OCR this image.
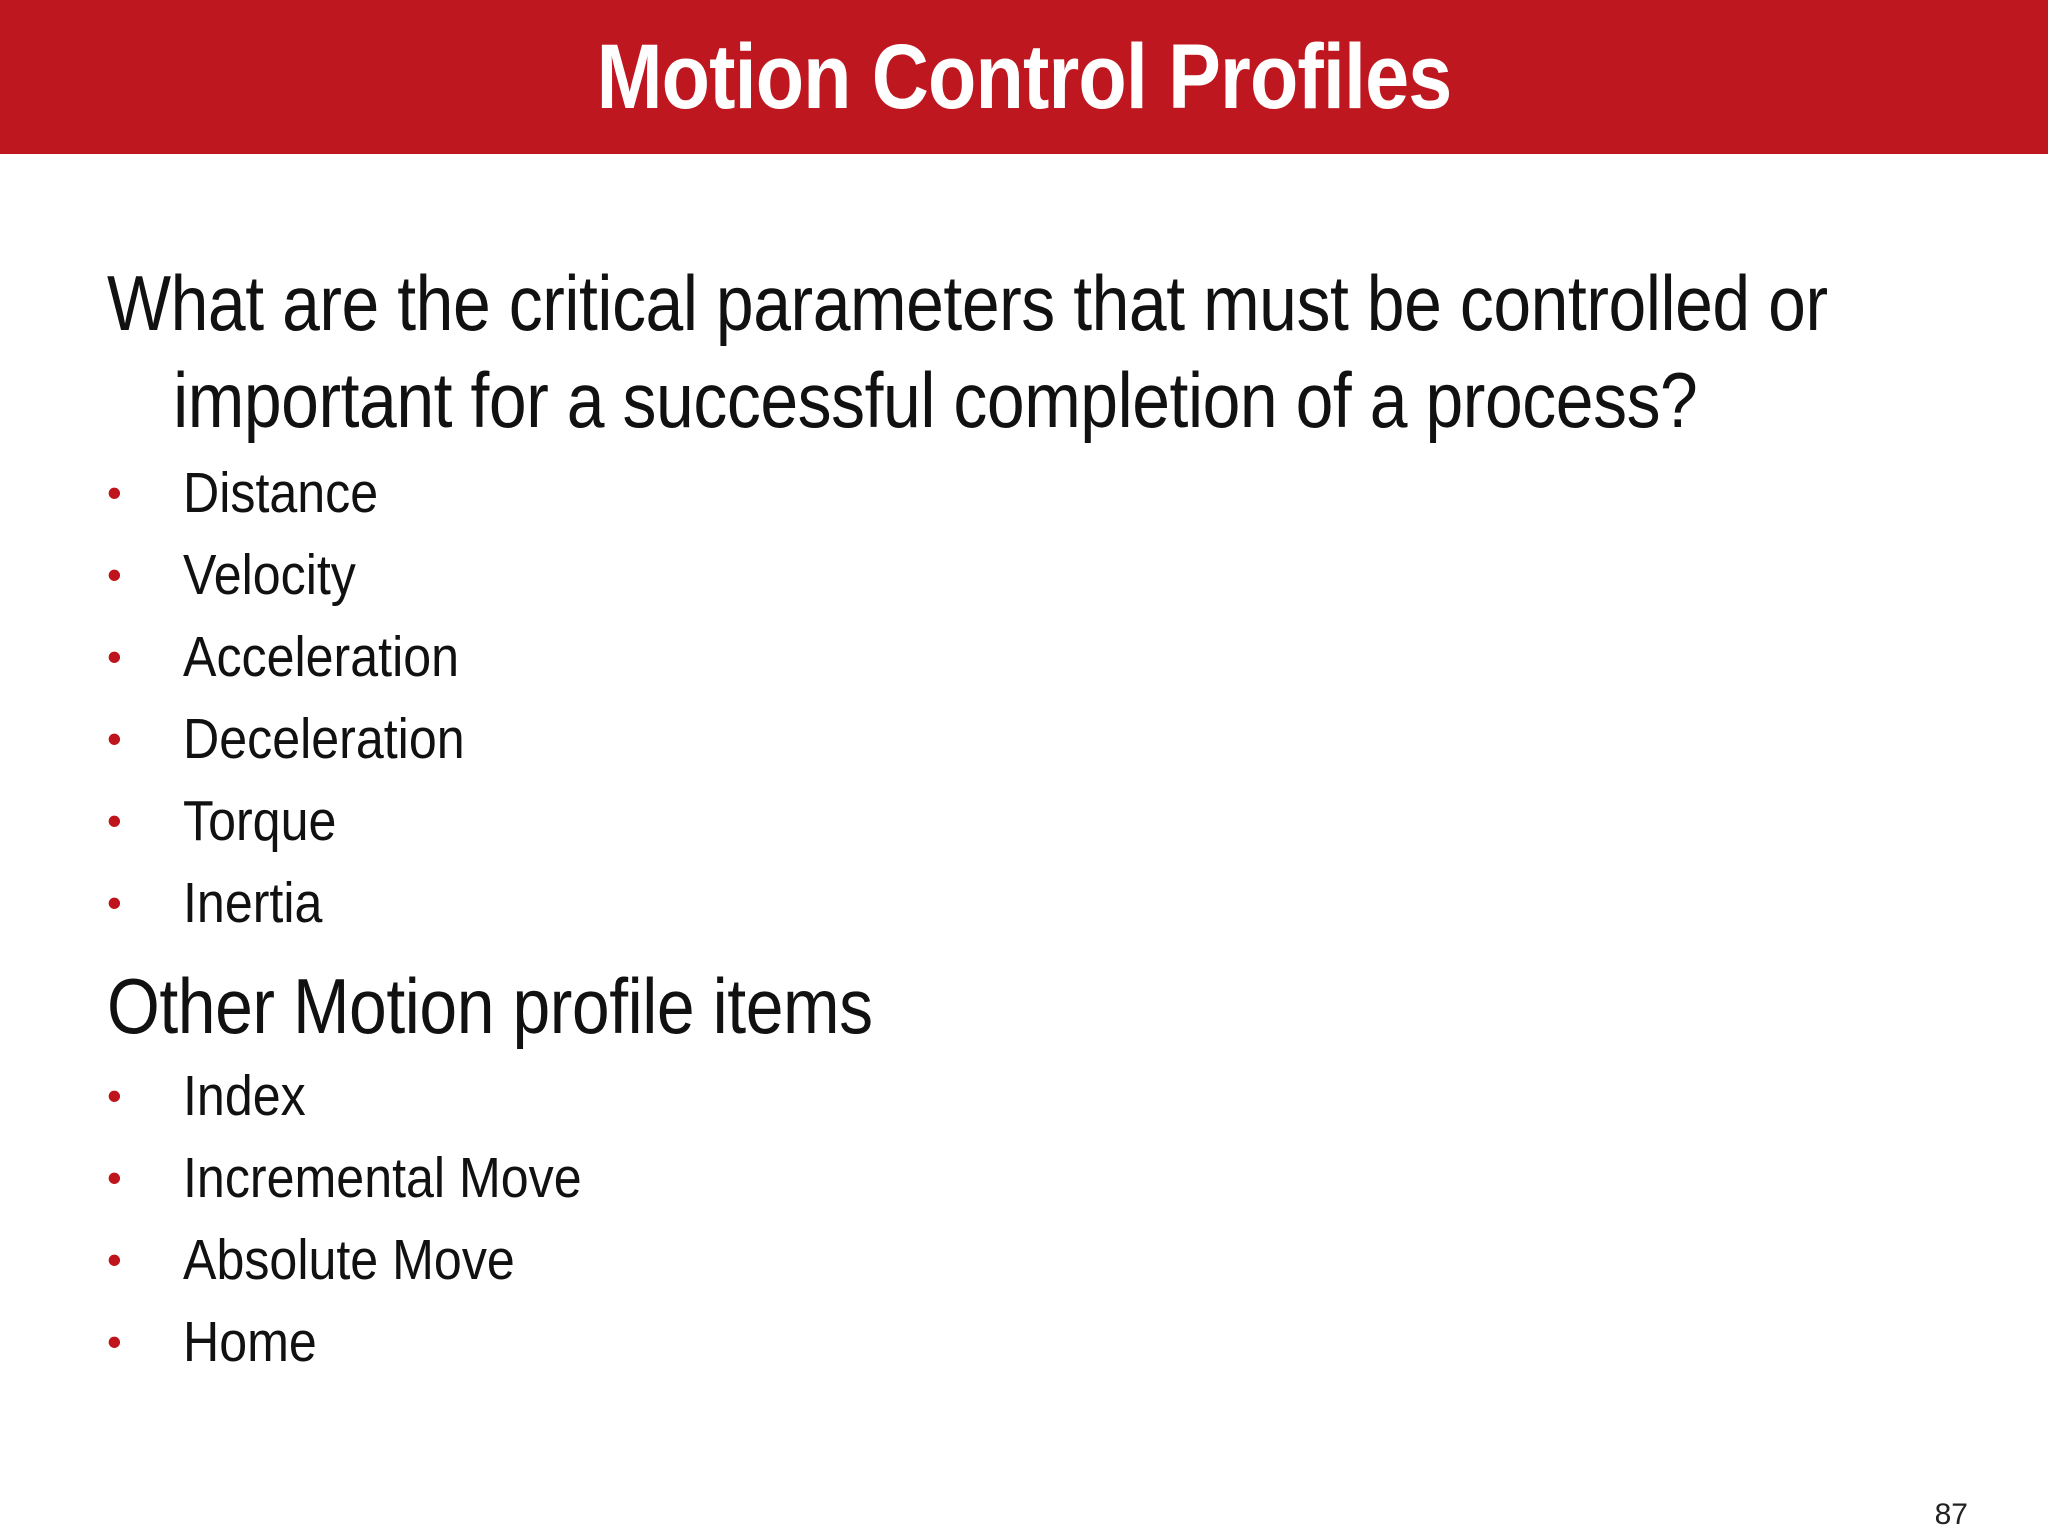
Motion Control Profiles

What are the critical parameters that must be controlled or important for a successful completion of a process?

•	Distance
•	Velocity
•	Acceleration
•	Deceleration
•	Torque
•	Inertia
Other Motion profile items
•	Index
•	Incremental Move
•	Absolute Move
•	Home
87
